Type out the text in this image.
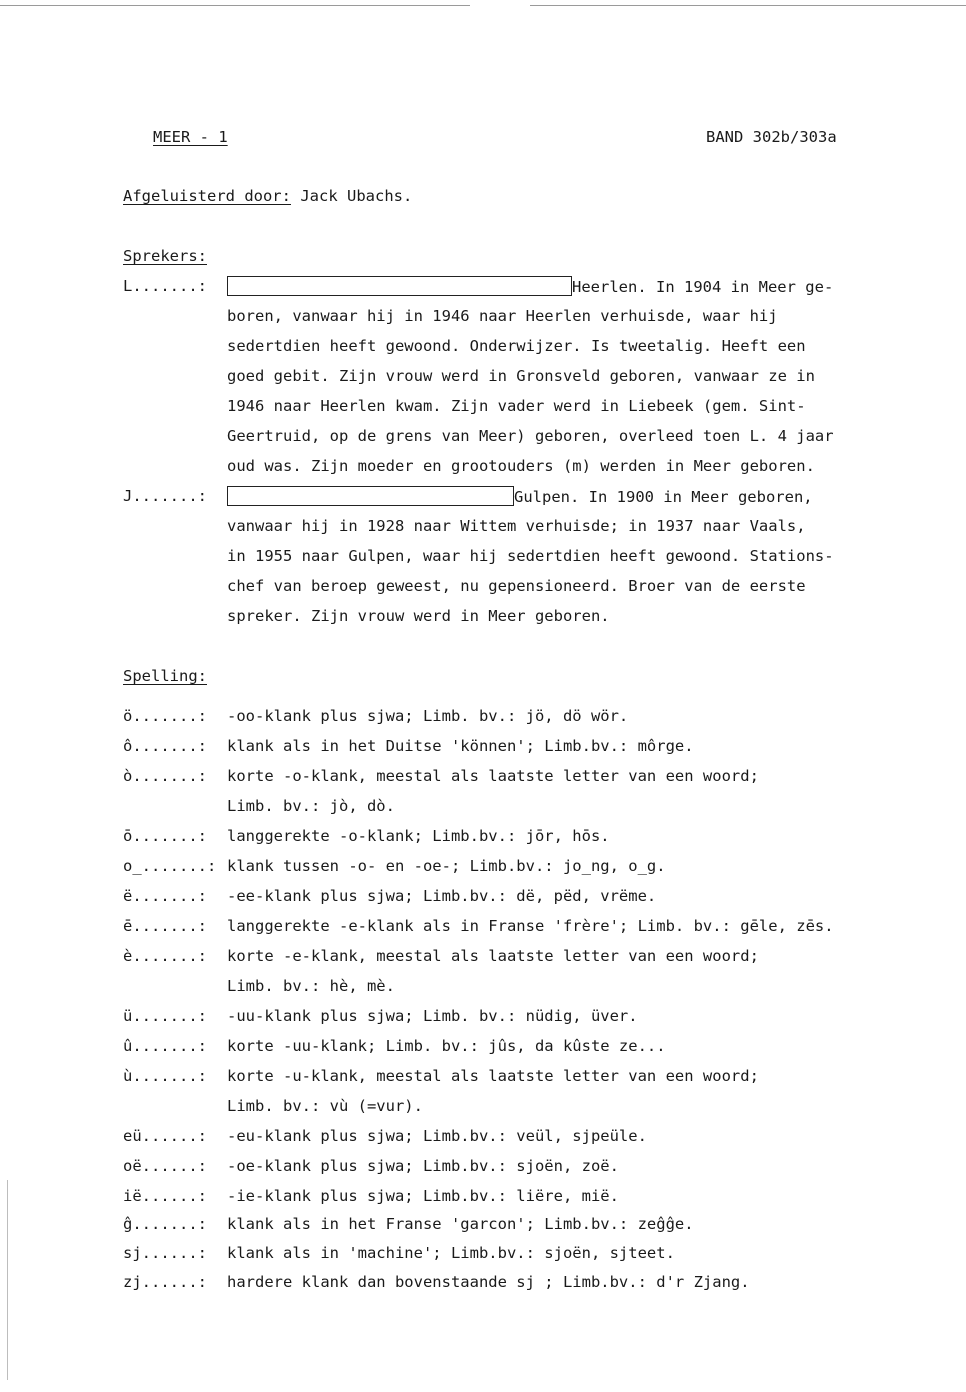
MEER - 1	BAND 302b/303a
Afgeluisterd door: Jack Ubachs.
Sprekers:
L.......:	Heerlen. In 1904 in Meer ge-
boren, vanwaar hij in 1946 naar Heerlen verhuisde, waar hij
sedertdien heeft gewoond. Onderwijzer. Is tweetalig. Heeft een
goed gebit. Zijn vrouw werd in Gronsveld geboren, vanwaar ze in
1946 naar Heerlen kwam. Zijn vader werd in Liebeek (gem. Sint-
Geertruid, op de grens van Meer) geboren, overleed toen L. 4 jaar
oud was. Zijn moeder en grootouders (m) werden in Meer geboren.
J.......:	Gulpen. In 1900 in Meer geboren,
vanwaar hij in 1928 naar Wittem verhuisde; in 1937 naar Vaals,
in 1955 naar Gulpen, waar hij sedertdien heeft gewoond. Stations-
chef van beroep geweest, nu gepensioneerd. Broer van de eerste
spreker. Zijn vrouw werd in Meer geboren.
Spelling:
ö.......: -oo-klank plus sjwa; Limb. bv.: jö, dö wör.
ô.......: klank als in het Duitse 'können'; Limb.bv.: môrge.
ò.......: korte -o-klank, meestal als laatste letter van een woord;
Limb. bv.: jò, dò.
ō.......: langgerekte -o-klank; Limb.bv.: jōr, hōs.
o̲.......: klank tussen -o- en -oe-; Limb.bv.: jo̲ng, o̲g.
ë.......: -ee-klank plus sjwa; Limb.bv.: dë, pëd, vrëme.
ē.......: langgerekte -e-klank als in Franse 'frère'; Limb. bv.: gēle, zēs.
è.......: korte -e-klank, meestal als laatste letter van een woord;
Limb. bv.: hè, mè.
ü.......: -uu-klank plus sjwa; Limb. bv.: nüdig, üver.
û.......: korte -uu-klank; Limb. bv.: jûs, da kûste ze...
ù.......: korte -u-klank, meestal als laatste letter van een woord;
Limb. bv.: vù (=vur).
eü......: -eu-klank plus sjwa; Limb.bv.: veül, sjpeüle.
oë......: -oe-klank plus sjwa; Limb.bv.: sjoën, zoë.
ië......: -ie-klank plus sjwa; Limb.bv.: liëre, mië.
ĝ.......: klank als in het Franse 'garcon'; Limb.bv.: zeĝĝe.
sj......: klank als in 'machine'; Limb.bv.: sjoën, sjteet.
zj......: hardere klank dan bovenstaande sj ; Limb.bv.: d'r Zjang.
